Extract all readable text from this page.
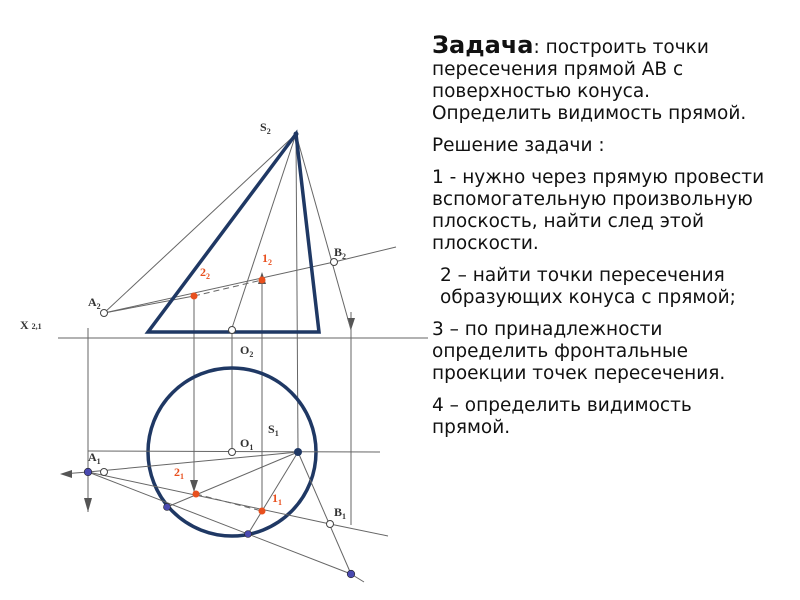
X 2,1
$S_2$
$B_2$
$A_2$
$O_2$
$1_2$
$2_2$
$S_1$
$O_1$
$A_1$
$B_1$
$1_1$
$2_1$

Задача: построить точки пересечения прямой АВ с поверхностью конуса. Определить видимость прямой.

Решение задачи :

1 - нужно через прямую провести вспомогательную произвольную плоскость, найти след этой плоскости.

2 – найти точки пересечения образующих конуса с прямой;

3 – по принадлежности определить фронтальные проекции точек пересечения.

4 – определить видимость прямой.
